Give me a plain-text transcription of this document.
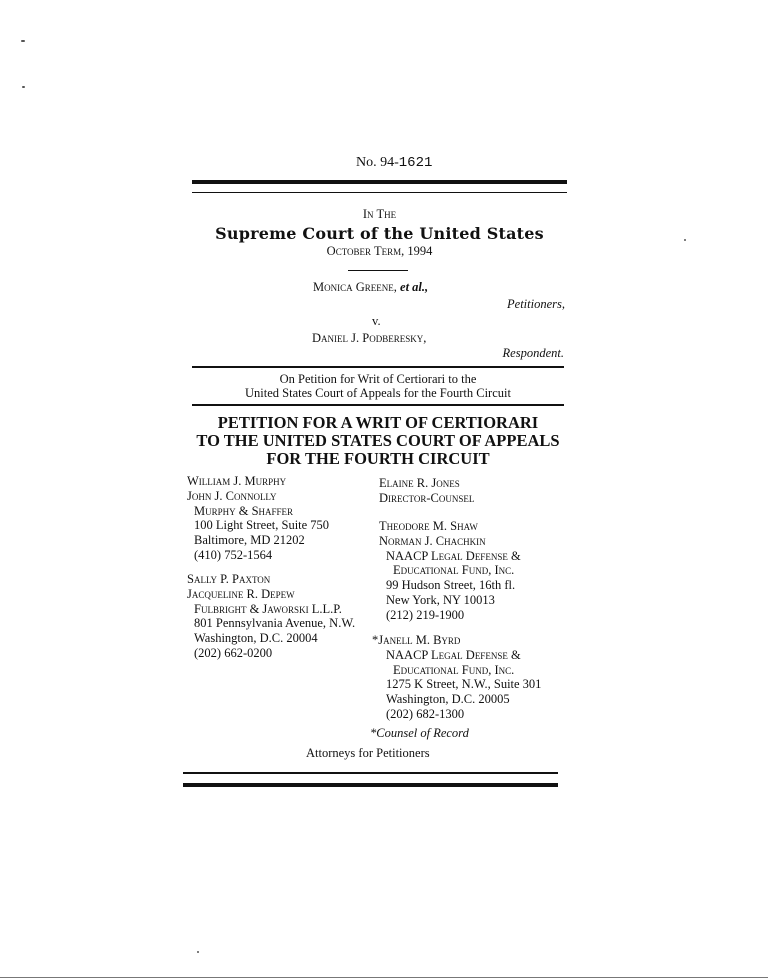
No. 94-1621
In The
Supreme Court of the United States
October Term, 1994
Monica Greene, et al.,
Petitioners,
v.
Daniel J. Podberesky,
Respondent.
On Petition for Writ of Certiorari to the
United States Court of Appeals for the Fourth Circuit
PETITION FOR A WRIT OF CERTIORARI
TO THE UNITED STATES COURT OF APPEALS
FOR THE FOURTH CIRCUIT
William J. Murphy
John J. Connolly
Murphy & Shaffer
100 Light Street, Suite 750
Baltimore, MD 21202
(410) 752-1564
Sally P. Paxton
Jacqueline R. Depew
Fulbright & Jaworski L.L.P.
801 Pennsylvania Avenue, N.W.
Washington, D.C. 20004
(202) 662-0200
Elaine R. Jones
Director-Counsel
Theodore M. Shaw
Norman J. Chachkin
NAACP Legal Defense &
Educational Fund, Inc.
99 Hudson Street, 16th fl.
New York, NY 10013
(212) 219-1900
*Janell M. Byrd
NAACP Legal Defense &
Educational Fund, Inc.
1275 K Street, N.W., Suite 301
Washington, D.C. 20005
(202) 682-1300
*Counsel of Record
Attorneys for Petitioners
